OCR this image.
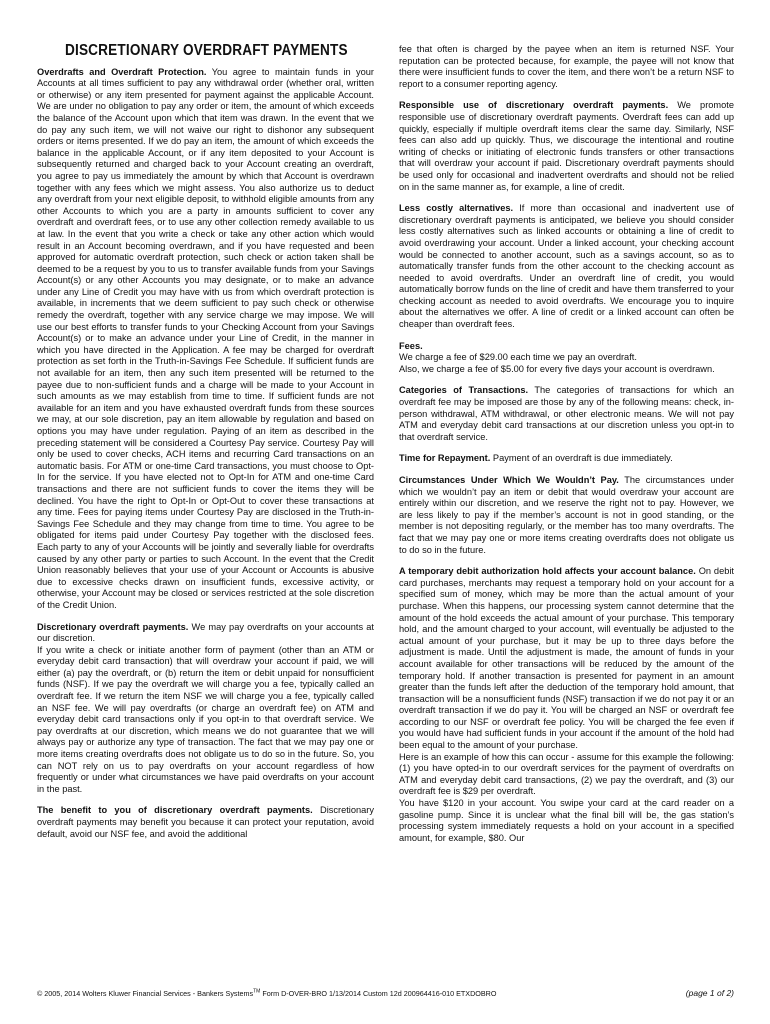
DISCRETIONARY OVERDRAFT PAYMENTS

Overdrafts and Overdraft Protection. You agree to maintain funds in your Accounts at all times sufficient to pay any withdrawal order (whether oral, written or otherwise) or any item presented for payment against the applicable Account. We are under no obligation to pay any order or item, the amount of which exceeds the balance of the Account upon which that item was drawn. In the event that we do pay any such item, we will not waive our right to dishonor any subsequent orders or items presented. If we do pay an item, the amount of which exceeds the balance in the applicable Account, or if any item deposited to your Account is subsequently returned and charged back to your Account creating an overdraft, you agree to pay us immediately the amount by which that Account is overdrawn together with any fees which we might assess. You also authorize us to deduct any overdraft from your next eligible deposit, to withhold eligible amounts from any other Accounts to which you are a party in amounts sufficient to cover any overdraft and overdraft fees, or to use any other collection remedy available to us at law. In the event that you write a check or take any other action which would result in an Account becoming overdrawn, and if you have requested and been approved for automatic overdraft protection, such check or action taken shall be deemed to be a request by you to us to transfer available funds from your Savings Account(s) or any other Accounts you may designate, or to make an advance under any Line of Credit you may have with us from which overdraft protection is available, in increments that we deem sufficient to pay such check or otherwise remedy the overdraft, together with any service charge we may impose. We will use our best efforts to transfer funds to your Checking Account from your Savings Account(s) or to make an advance under your Line of Credit, in the manner in which you have directed in the Application. A fee may be charged for overdraft protection as set forth in the Truth-in-Savings Fee Schedule. If sufficient funds are not available for an item, then any such item presented will be returned to the payee due to non-sufficient funds and a charge will be made to your Account in such amounts as we may establish from time to time. If sufficient funds are not available for an item and you have exhausted overdraft funds from these sources we may, at our sole discretion, pay an item allowable by regulation and based on options you may have under regulation. Paying of an item as described in the preceding statement will be considered a Courtesy Pay service. Courtesy Pay will only be used to cover checks, ACH items and recurring Card transactions on an automatic basis. For ATM or one-time Card transactions, you must choose to Opt-In for the service. If you have elected not to Opt-In for ATM and one-time Card transactions and there are not sufficient funds to cover the items they will be declined. You have the right to Opt-In or Opt-Out to cover these transactions at any time. Fees for paying items under Courtesy Pay are disclosed in the Truth-in-Savings Fee Schedule and they may change from time to time. You agree to be obligated for items paid under Courtesy Pay together with the disclosed fees. Each party to any of your Accounts will be jointly and severally liable for overdrafts caused by any other party or parties to such Account. In the event that the Credit Union reasonably believes that your use of your Account or Accounts is abusive due to excessive checks drawn on insufficient funds, excessive activity, or otherwise, your Account may be closed or services restricted at the sole discretion of the Credit Union.

Discretionary overdraft payments. We may pay overdrafts on your accounts at our discretion.

If you write a check or initiate another form of payment (other than an ATM or everyday debit card transaction) that will overdraw your account if paid, we will either (a) pay the overdraft, or (b) return the item or debit unpaid for nonsufficient funds (NSF). If we pay the overdraft we will charge you a fee, typically called an overdraft fee. If we return the item NSF we will charge you a fee, typically called an NSF fee. We will pay overdrafts (or charge an overdraft fee) on ATM and everyday debit card transactions only if you opt-in to that overdraft service. We pay overdrafts at our discretion, which means we do not guarantee that we will always pay or authorize any type of transaction. The fact that we may pay one or more items creating overdrafts does not obligate us to do so in the future. So, you can NOT rely on us to pay overdrafts on your account regardless of how frequently or under what circumstances we have paid overdrafts on your account in the past.

The benefit to you of discretionary overdraft payments. Discretionary overdraft payments may benefit you because it can protect your reputation, avoid default, avoid our NSF fee, and avoid the additional

fee that often is charged by the payee when an item is returned NSF. Your reputation can be protected because, for example, the payee will not know that there were insufficient funds to cover the item, and there won’t be a return NSF to report to a consumer reporting agency.

Responsible use of discretionary overdraft payments. We promote responsible use of discretionary overdraft payments. Overdraft fees can add up quickly, especially if multiple overdraft items clear the same day. Similarly, NSF fees can also add up quickly. Thus, we discourage the intentional and routine writing of checks or initiating of electronic funds transfers or other transactions that will overdraw your account if paid. Discretionary overdraft payments should be used only for occasional and inadvertent overdrafts and should not be relied on in the same manner as, for example, a line of credit.

Less costly alternatives. If more than occasional and inadvertent use of discretionary overdraft payments is anticipated, we believe you should consider less costly alternatives such as linked accounts or obtaining a line of credit to avoid overdrawing your account. Under a linked account, your checking account would be connected to another account, such as a savings account, so as to automatically transfer funds from the other account to the checking account as needed to avoid overdrafts. Under an overdraft line of credit, you would automatically borrow funds on the line of credit and have them transferred to your checking account as needed to avoid overdrafts. We encourage you to inquire about the alternatives we offer. A line of credit or a linked account can often be cheaper than overdraft fees.

Fees.
We charge a fee of $29.00 each time we pay an overdraft.
Also, we charge a fee of $5.00 for every five days your account is overdrawn.

Categories of Transactions. The categories of transactions for which an overdraft fee may be imposed are those by any of the following means: check, in-person withdrawal, ATM withdrawal, or other electronic means. We will not pay ATM and everyday debit card transactions at our discretion unless you opt-in to that overdraft service.

Time for Repayment. Payment of an overdraft is due immediately.

Circumstances Under Which We Wouldn’t Pay. The circumstances under which we wouldn’t pay an item or debit that would overdraw your account are entirely within our discretion, and we reserve the right not to pay. However, we are less likely to pay if the member’s account is not in good standing, or the member is not depositing regularly, or the member has too many overdrafts. The fact that we may pay one or more items creating overdrafts does not obligate us to do so in the future.

A temporary debit authorization hold affects your account balance. On debit card purchases, merchants may request a temporary hold on your account for a specified sum of money, which may be more than the actual amount of your purchase. When this happens, our processing system cannot determine that the amount of the hold exceeds the actual amount of your purchase. This temporary hold, and the amount charged to your account, will eventually be adjusted to the actual amount of your purchase, but it may be up to three days before the adjustment is made. Until the adjustment is made, the amount of funds in your account available for other transactions will be reduced by the amount of the temporary hold. If another transaction is presented for payment in an amount greater than the funds left after the deduction of the temporary hold amount, that transaction will be a nonsufficient funds (NSF) transaction if we do not pay it or an overdraft transaction if we do pay it. You will be charged an NSF or overdraft fee according to our NSF or overdraft fee policy. You will be charged the fee even if you would have had sufficient funds in your account if the amount of the hold had been equal to the amount of your purchase.

Here is an example of how this can occur - assume for this example the following: (1) you have opted-in to our overdraft services for the payment of overdrafts on ATM and everyday debit card transactions, (2) we pay the overdraft, and (3) our overdraft fee is $29 per overdraft.

You have $120 in your account. You swipe your card at the card reader on a gasoline pump. Since it is unclear what the final bill will be, the gas station’s processing system immediately requests a hold on your account in a specified amount, for example, $80. Our

© 2005, 2014 Wolters Kluwer Financial Services - Bankers Systems™ Form D-OVER-BRO 1/13/2014 Custom 12d 200964416-010 ETXDOBRO	(page 1 of 2)
